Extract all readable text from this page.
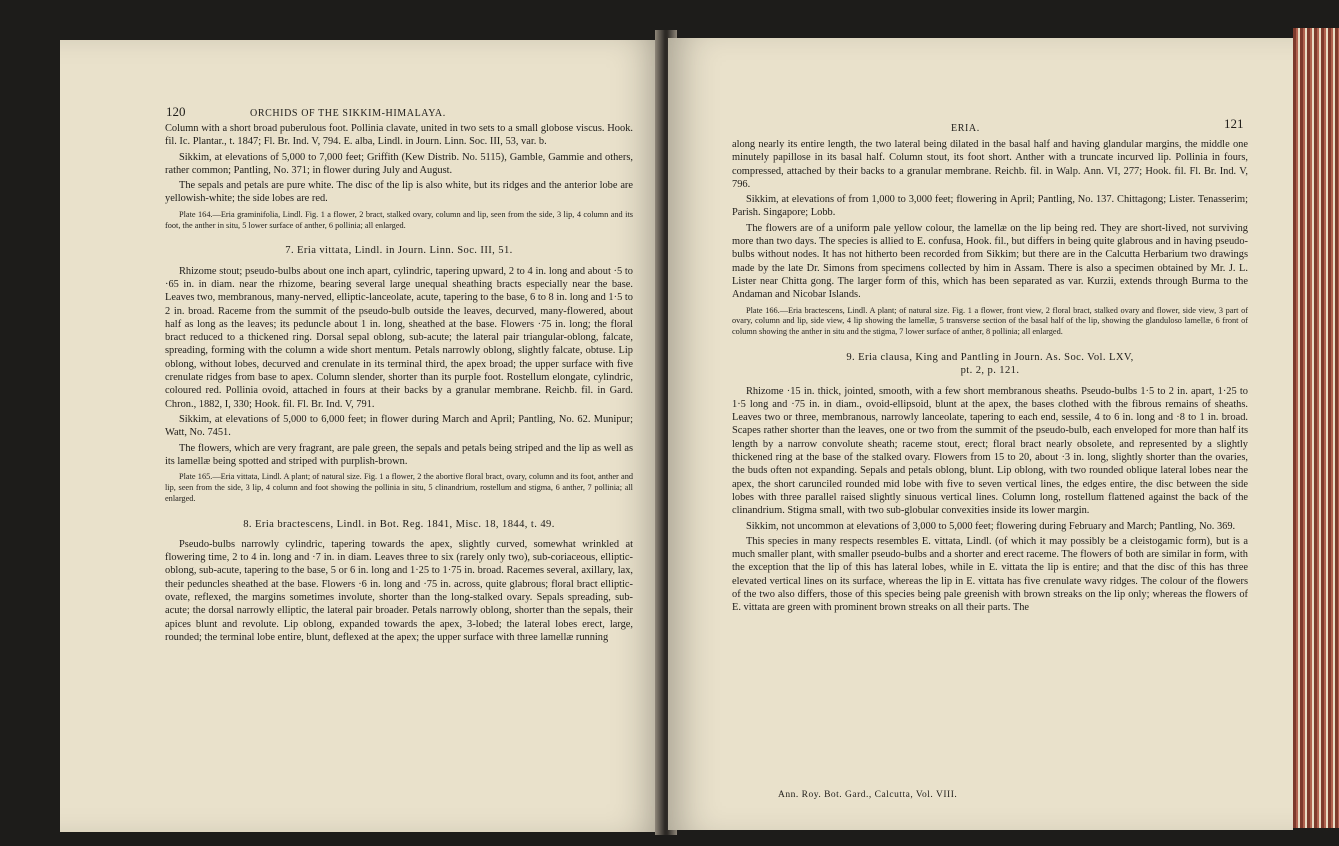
120	ORCHIDS OF THE SIKKIM-HIMALAYA.

Column with a short broad puberulous foot. Pollinia clavate, united in two sets to a small globose viscus. Hook. fil. Ic. Plantar., t. 1847; Fl. Br. Ind. V, 794. E. alba, Lindl. in Journ. Linn. Soc. III, 53, var. b.

Sikkim, at elevations of 5,000 to 7,000 feet; Griffith (Kew Distrib. No. 5115), Gamble, Gammie and others, rather common; Pantling, No. 371; in flower during July and August.

The sepals and petals are pure white. The disc of the lip is also white, but its ridges and the anterior lobe are yellowish-white; the side lobes are red.

Plate 164.—Eria graminifolia, Lindl. Fig. 1 a flower, 2 bract, stalked ovary, column and lip, seen from the side, 3 lip, 4 column and its foot, the anther in situ, 5 lower surface of anther, 6 pollinia; all enlarged.
7. Eria vittata, Lindl. in Journ. Linn. Soc. III, 51.

Rhizome stout; pseudo-bulbs about one inch apart, cylindric, tapering upward, 2 to 4 in. long and about ·5 to ·65 in. in diam. near the rhizome, bearing several large unequal sheathing bracts especially near the base. Leaves two, membranous, many-nerved, elliptic-lanceolate, acute, tapering to the base, 6 to 8 in. long and 1·5 to 2 in. broad. Raceme from the summit of the pseudo-bulb outside the leaves, decurved, many-flowered, about half as long as the leaves; its peduncle about 1 in. long, sheathed at the base. Flowers ·75 in. long; the floral bract reduced to a thickened ring. Dorsal sepal oblong, sub-acute; the lateral pair triangular-oblong, falcate, spreading, forming with the column a wide short mentum. Petals narrowly oblong, slightly falcate, obtuse. Lip oblong, without lobes, decurved and crenulate in its terminal third, the apex broad; the upper surface with five crenulate ridges from base to apex. Column slender, shorter than its purple foot. Rostellum elongate, cylindric, coloured red. Pollinia ovoid, attached in fours at their backs by a granular membrane. Reichb. fil. in Gard. Chron., 1882, I, 330; Hook. fil. Fl. Br. Ind. V, 791.

Sikkim, at elevations of 5,000 to 6,000 feet; in flower during March and April; Pantling, No. 62. Munipur; Watt, No. 7451.

The flowers, which are very fragrant, are pale green, the sepals and petals being striped and the lip as well as its lamellæ being spotted and striped with purplish-brown.

Plate 165.—Eria vittata, Lindl. A plant; of natural size. Fig. 1 a flower, 2 the abortive floral bract, ovary, column and its foot, anther and lip, seen from the side, 3 lip, 4 column and foot showing the pollinia in situ, 5 clinandrium, rostellum and stigma, 6 anther, 7 pollinia; all enlarged.
8. Eria bractescens, Lindl. in Bot. Reg. 1841, Misc. 18, 1844, t. 49.

Pseudo-bulbs narrowly cylindric, tapering towards the apex, slightly curved, somewhat wrinkled at flowering time, 2 to 4 in. long and ·7 in. in diam. Leaves three to six (rarely only two), sub-coriaceous, elliptic-oblong, sub-acute, tapering to the base, 5 or 6 in. long and 1·25 to 1·75 in. broad. Racemes several, axillary, lax, their peduncles sheathed at the base. Flowers ·6 in. long and ·75 in. across, quite glabrous; floral bract elliptic-ovate, reflexed, the margins sometimes involute, shorter than the long-stalked ovary. Sepals spreading, sub-acute; the dorsal narrowly elliptic, the lateral pair broader. Petals narrowly oblong, shorter than the sepals, their apices blunt and revolute. Lip oblong, expanded towards the apex, 3-lobed; the lateral lobes erect, large, rounded; the terminal lobe entire, blunt, deflexed at the apex; the upper surface with three lamellæ running

ERIA.	121

along nearly its entire length, the two lateral being dilated in the basal half and having glandular margins, the middle one minutely papillose in its basal half. Column stout, its foot short. Anther with a truncate incurved lip. Pollinia in fours, compressed, attached by their backs to a granular membrane. Reichb. fil. in Walp. Ann. VI, 277; Hook. fil. Fl. Br. Ind. V, 796.

Sikkim, at elevations of from 1,000 to 3,000 feet; flowering in April; Pantling, No. 137. Chittagong; Lister. Tenasserim; Parish. Singapore; Lobb.

The flowers are of a uniform pale yellow colour, the lamellæ on the lip being red. They are short-lived, not surviving more than two days. The species is allied to E. confusa, Hook. fil., but differs in being quite glabrous and in having pseudo-bulbs without nodes. It has not hitherto been recorded from Sikkim; but there are in the Calcutta Herbarium two drawings made by the late Dr. Simons from specimens collected by him in Assam. There is also a specimen obtained by Mr. J. L. Lister near Chitta gong. The larger form of this, which has been separated as var. Kurzii, extends through Burma to the Andaman and Nicobar Islands.

Plate 166.—Eria bractescens, Lindl. A plant; of natural size. Fig. 1 a flower, front view, 2 floral bract, stalked ovary and flower, side view, 3 part of ovary, column and lip, side view, 4 lip showing the lamellæ, 5 transverse section of the basal half of the lip, showing the glanduloso lamellæ, 6 front of column showing the anther in situ and the stigma, 7 lower surface of anther, 8 pollinia; all enlarged.
9. Eria clausa, King and Pantling in Journ. As. Soc. Vol. LXV,
pt. 2, p. 121.

Rhizome ·15 in. thick, jointed, smooth, with a few short membranous sheaths. Pseudo-bulbs 1·5 to 2 in. apart, 1·25 to 1·5 long and ·75 in. in diam., ovoid-ellipsoid, blunt at the apex, the bases clothed with the fibrous remains of sheaths. Leaves two or three, membranous, narrowly lanceolate, tapering to each end, sessile, 4 to 6 in. long and ·8 to 1 in. broad. Scapes rather shorter than the leaves, one or two from the summit of the pseudo-bulb, each enveloped for more than half its length by a narrow convolute sheath; raceme stout, erect; floral bract nearly obsolete, and represented by a slightly thickened ring at the base of the stalked ovary. Flowers from 15 to 20, about ·3 in. long, slightly shorter than the ovaries, the buds often not expanding. Sepals and petals oblong, blunt. Lip oblong, with two rounded oblique lateral lobes near the apex, the short carunciled rounded mid lobe with five to seven vertical lines, the edges entire, the disc between the side lobes with three parallel raised slightly sinuous vertical lines. Column long, rostellum flattened against the back of the clinandrium. Stigma small, with two sub-globular convexities inside its lower margin.

Sikkim, not uncommon at elevations of 3,000 to 5,000 feet; flowering during February and March; Pantling, No. 369.

This species in many respects resembles E. vittata, Lindl. (of which it may possibly be a cleistogamic form), but is a much smaller plant, with smaller pseudo-bulbs and a shorter and erect raceme. The flowers of both are similar in form, with the exception that the lip of this has lateral lobes, while in E. vittata the lip is entire; and that the disc of this has three elevated vertical lines on its surface, whereas the lip in E. vittata has five crenulate wavy ridges. The colour of the flowers of the two also differs, those of this species being pale greenish with brown streaks on the lip only; whereas the flowers of E. vittata are green with prominent brown streaks on all their parts. The

Ann. Roy. Bot. Gard., Calcutta, Vol. VIII.
